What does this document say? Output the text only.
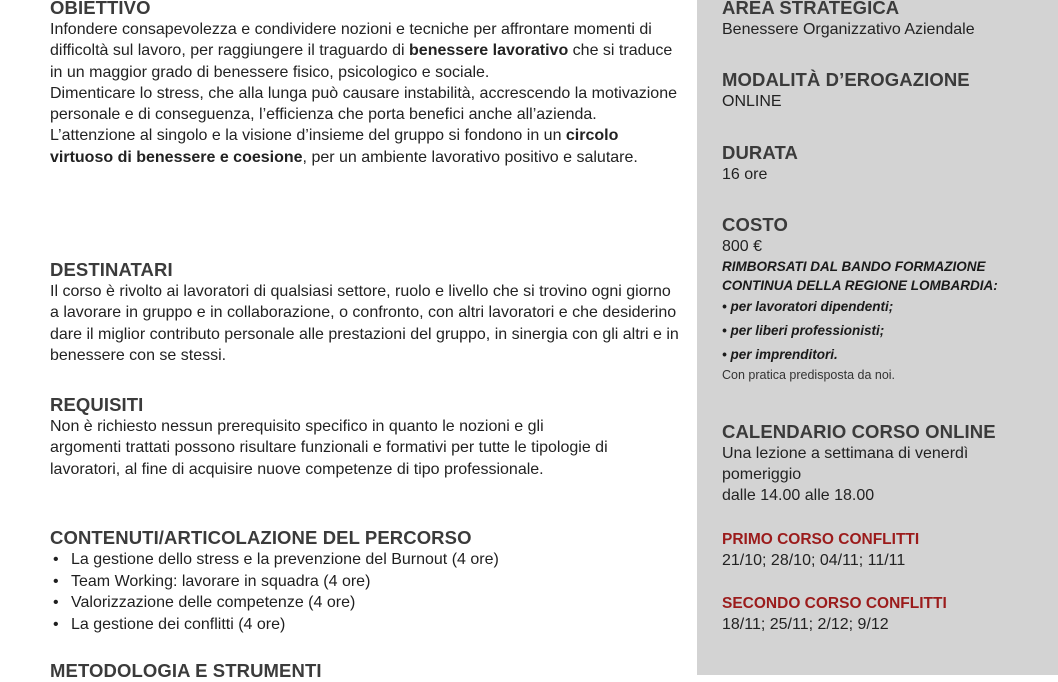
OBIETTIVO

Infondere consapevolezza e condividere nozioni e tecniche per affrontare momenti di difficoltà sul lavoro, per raggiungere il traguardo di benessere lavorativo che si traduce in un maggior grado di benessere fisico, psicologico e sociale.

Dimenticare lo stress, che alla lunga può causare instabilità, accrescendo la motivazione personale e di conseguenza, l’efficienza che porta benefici anche all’azienda.

L’attenzione al singolo e la visione d’insieme del gruppo si fondono in un circolo virtuoso di benessere e coesione, per un ambiente lavorativo positivo e salutare.

DESTINATARI

Il corso è rivolto ai lavoratori di qualsiasi settore, ruolo e livello che si trovino ogni giorno a lavorare in gruppo e in collaborazione, o confronto, con altri lavoratori e che desiderino dare il miglior contributo personale alle prestazioni del gruppo, in sinergia con gli altri e in benessere con se stessi.

REQUISITI

Non è richiesto nessun prerequisito specifico in quanto le nozioni e gli argomenti trattati possono risultare funzionali e formativi per tutte le tipologie di lavoratori, al fine di acquisire nuove competenze di tipo professionale.

CONTENUTI/ARTICOLAZIONE DEL PERCORSO
• La gestione dello stress e la prevenzione del Burnout (4 ore)
• Team Working: lavorare in squadra (4 ore)
• Valorizzazione delle competenze (4 ore)
• La gestione dei conflitti (4 ore)
METODOLOGIA E STRUMENTI
AREA STRATEGICA
Benessere Organizzativo Aziendale
MODALITÀ D’EROGAZIONE
ONLINE
DURATA
16 ore
COSTO
800 €
RIMBORSATI DAL BANDO FORMAZIONE
CONTINUA DELLA REGIONE LOMBARDIA:
• per lavoratori dipendenti;
• per liberi professionisti;
• per imprenditori.
Con pratica predisposta da noi.
CALENDARIO CORSO ONLINE
Una lezione a settimana di venerdì
pomeriggio
dalle 14.00 alle 18.00
PRIMO CORSO CONFLITTI
21/10; 28/10; 04/11; 11/11
SECONDO CORSO CONFLITTI
18/11; 25/11; 2/12; 9/12
